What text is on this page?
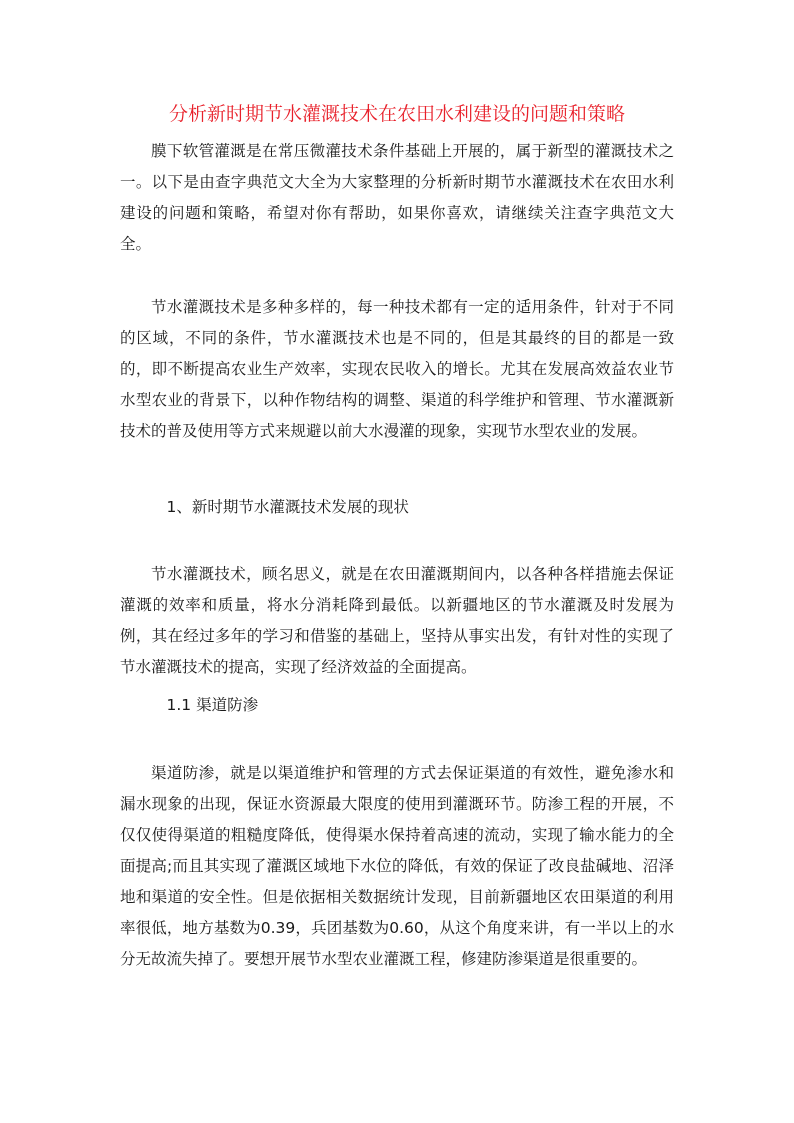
分析新时期节水灌溉技术在农田水利建设的问题和策略

膜下软管灌溉是在常压微灌技术条件基础上开展的，属于新型的灌溉技术之一。以下是由查字典范文大全为大家整理的分析新时期节水灌溉技术在农田水利建设的问题和策略，希望对你有帮助，如果你喜欢，请继续关注查字典范文大全。

节水灌溉技术是多种多样的，每一种技术都有一定的适用条件，针对于不同的区域，不同的条件，节水灌溉技术也是不同的，但是其最终的目的都是一致的，即不断提高农业生产效率，实现农民收入的增长。尤其在发展高效益农业节水型农业的背景下，以种作物结构的调整、渠道的科学维护和管理、节水灌溉新技术的普及使用等方式来规避以前大水漫灌的现象，实现节水型农业的发展。

1、新时期节水灌溉技术发展的现状

节水灌溉技术，顾名思义，就是在农田灌溉期间内，以各种各样措施去保证灌溉的效率和质量，将水分消耗降到最低。以新疆地区的节水灌溉及时发展为例，其在经过多年的学习和借鉴的基础上，坚持从事实出发，有针对性的实现了节水灌溉技术的提高，实现了经济效益的全面提高。

1.1 渠道防渗

渠道防渗，就是以渠道维护和管理的方式去保证渠道的有效性，避免渗水和漏水现象的出现，保证水资源最大限度的使用到灌溉环节。防渗工程的开展，不仅仅使得渠道的粗糙度降低，使得渠水保持着高速的流动，实现了输水能力的全面提高;而且其实现了灌溉区域地下水位的降低，有效的保证了改良盐碱地、沼泽地和渠道的安全性。但是依据相关数据统计发现，目前新疆地区农田渠道的利用率很低，地方基数为0.39，兵团基数为0.60，从这个角度来讲，有一半以上的水分无故流失掉了。要想开展节水型农业灌溉工程，修建防渗渠道是很重要的。
